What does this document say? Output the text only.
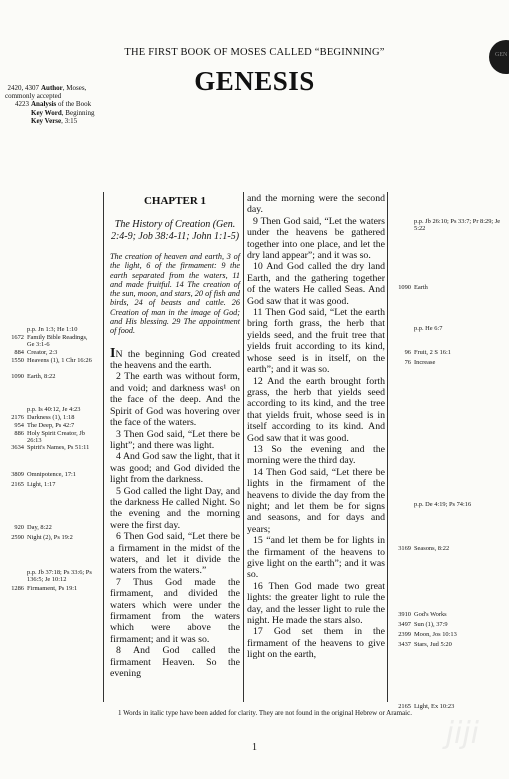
THE FIRST BOOK OF MOSES CALLED “BEGINNING”
GENESIS
GEN
2420, 4307 Author, Moses, commonly accepted
4223 Analysis of the Book
Key Word, Beginning
Key Verse, 3:15
p.p. Jn 1:3; He 1:10
1672 Family Bible Readings, Ge 3:1-6
884 Creator, 2:3
1550 Heavens (1), 1 Chr 16:26
1090 Earth, 8:22
p.p. Is 40:12, Je 4:23
2176 Darkness (1), 1:18
954 The Deep, Ps 42:7
886 Holy Spirit Creator, Jb 26:13
3634 Spirit's Names, Ps 51:11
3809 Omnipotence, 17:1
2165 Light, 1:17
920 Day, 8:22
2590 Night (2), Ps 19:2
p.p. Jb 37:18; Ps 33:6; Ps 136:5; Je 10:12
1286 Firmament, Ps 19:1
p.p. Jb 26:10; Ps 33:7; Pr 8:29; Je 5:22
1090 Earth
p.p. He 6:7
96 Fruit, 2 S 16:1
76 Increase
p.p. De 4:19; Ps 74:16
3169 Seasons, 8:22
3910 God's Works
3497 Sun (1), 37:9
2399 Moon, Jos 10:13
3437 Stars, Jud 5:20
2165 Light, Ex 10:23
CHAPTER 1
The History of Creation (Gen. 2:4-9; Job 38:4-11; John 1:1-5)
The creation of heaven and earth, 3 of the light, 6 of the firmament: 9 the earth separated from the waters, 11 and made fruitful. 14 The creation of the sun, moon, and stars, 20 of fish and birds, 24 of beasts and cattle. 26 Creation of man in the image of God; and His blessing. 29 The appointment of food.

IN the beginning God created the heavens and the earth.

2 The earth was without form, and void; and darkness was¹ on the face of the deep. And the Spirit of God was hovering over the face of the waters.

3 Then God said, “Let there be light”; and there was light.

4 And God saw the light, that it was good; and God divided the light from the darkness.

5 God called the light Day, and the darkness He called Night. So the evening and the morning were the first day.

6 Then God said, “Let there be a firmament in the midst of the waters, and let it divide the waters from the waters.”

7 Thus God made the firmament, and divided the waters which were under the firmament from the waters which were above the firmament; and it was so.

8 And God called the firmament Heaven. So the evening

and the morning were the second day.

9 Then God said, “Let the waters under the heavens be gathered together into one place, and let the dry land appear”; and it was so.

10 And God called the dry land Earth, and the gathering together of the waters He called Seas. And God saw that it was good.

11 Then God said, “Let the earth bring forth grass, the herb that yields seed, and the fruit tree that yields fruit according to its kind, whose seed is in itself, on the earth”; and it was so.

12 And the earth brought forth grass, the herb that yields seed according to its kind, and the tree that yields fruit, whose seed is in itself according to its kind. And God saw that it was good.

13 So the evening and the morning were the third day.

14 Then God said, “Let there be lights in the firmament of the heavens to divide the day from the night; and let them be for signs and seasons, and for days and years;

15 “and let them be for lights in the firmament of the heavens to give light on the earth”; and it was so.

16 Then God made two great lights: the greater light to rule the day, and the lesser light to rule the night. He made the stars also.

17 God set them in the firmament of the heavens to give light on the earth,

1 Words in italic type have been added for clarity. They are not found in the original Hebrew or Aramaic.
1	jiji
